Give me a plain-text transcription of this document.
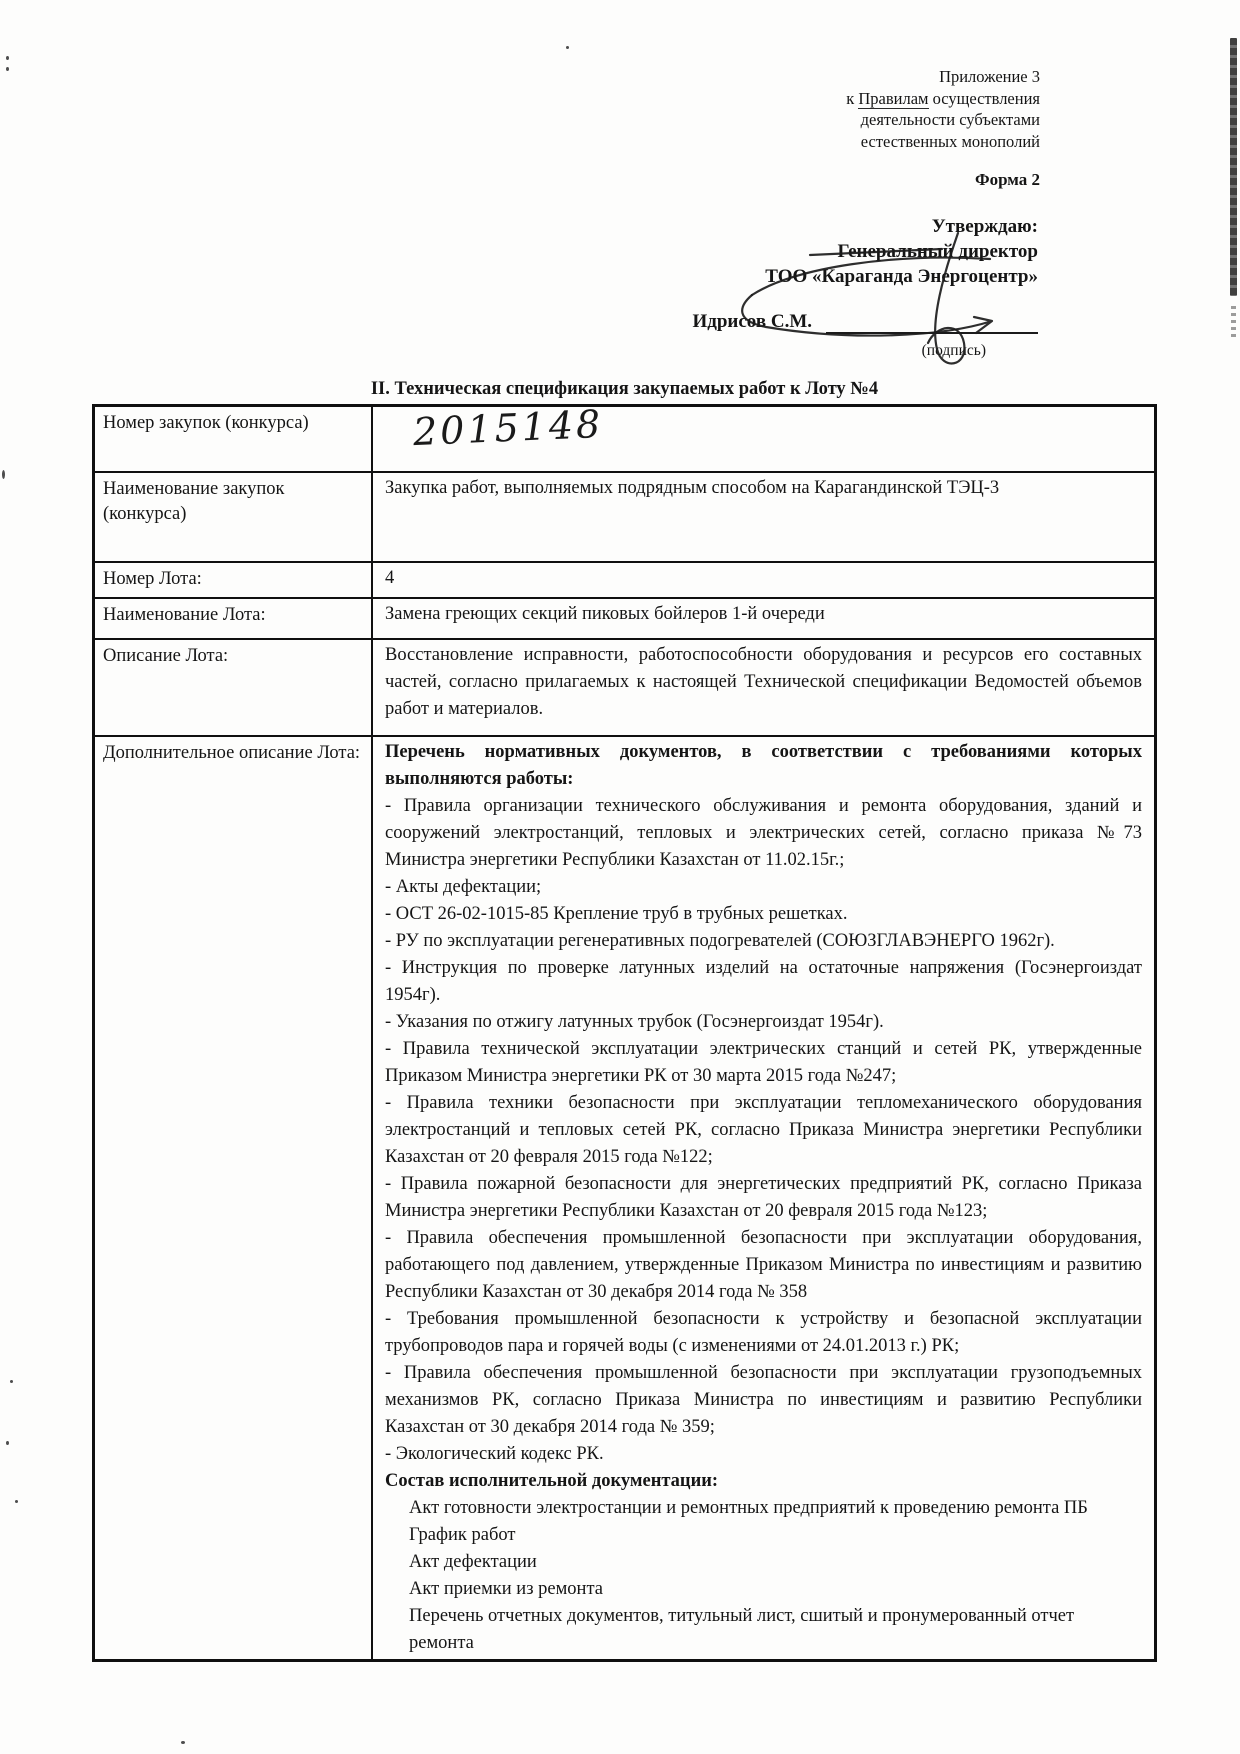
Приложение 3
к Правилам осуществления
деятельности субъектами
естественных монополий
Форма 2
Утверждаю:
Генеральный директор
ТОО «Караганда Энергоцентр»
Идрисов С.М.
(подпись)
II. Техническая спецификация закупаемых работ к Лоту №4
Номер закупок (конкурса)	2015148
Наименование закупок (конкурса)	Закупка работ, выполняемых подрядным способом на Карагандинской ТЭЦ-3
Номер Лота:	4
Наименование Лота:	Замена греющих секций пиковых бойлеров 1-й очереди
Описание Лота:	Восстановление исправности, работоспособности оборудования и ресурсов его составных частей, согласно прилагаемых к настоящей Технической спецификации Ведомостей объемов работ и материалов.
Дополнительное описание Лота:	Перечень нормативных документов, в соответствии с требованиями которых выполняются работы:
- Правила организации технического обслуживания и ремонта оборудования, зданий и сооружений электростанций, тепловых и электрических сетей, согласно приказа №73 Министра энергетики Республики Казахстан от 11.02.15г.;
- Акты дефектации;
- ОСТ 26-02-1015-85 Крепление труб в трубных решетках.
- РУ по эксплуатации регенеративных подогревателей (СОЮЗГЛАВЭНЕРГО 1962г).
- Инструкция по проверке латунных изделий на остаточные напряжения (Госэнергоиздат 1954г).
- Указания по отжигу латунных трубок (Госэнергоиздат 1954г).
- Правила технической эксплуатации электрических станций и сетей РК, утвержденные Приказом Министра энергетики РК от 30 марта 2015 года №247;
- Правила техники безопасности при эксплуатации тепломеханического оборудования электростанций и тепловых сетей РК, согласно Приказа Министра энергетики Республики Казахстан от 20 февраля 2015 года №122;
- Правила пожарной безопасности для энергетических предприятий РК, согласно Приказа Министра энергетики Республики Казахстан от 20 февраля 2015 года №123;
- Правила обеспечения промышленной безопасности при эксплуатации оборудования, работающего под давлением, утвержденные Приказом Министра по инвестициям и развитию Республики Казахстан от 30 декабря 2014 года № 358
- Требования промышленной безопасности к устройству и безопасной эксплуатации трубопроводов пара и горячей воды (с изменениями от 24.01.2013 г.) РК;
- Правила обеспечения промышленной безопасности при эксплуатации грузоподъемных механизмов РК, согласно Приказа Министра по инвестициям и развитию Республики Казахстан от 30 декабря 2014 года № 359;
- Экологический кодекс РК.
Состав исполнительной документации:
Акт готовности электростанции и ремонтных предприятий к проведению ремонта ПБ
График работ
Акт дефектации
Акт приемки из ремонта
Перечень отчетных документов, титульный лист, сшитый и пронумерованный отчет ремонта
